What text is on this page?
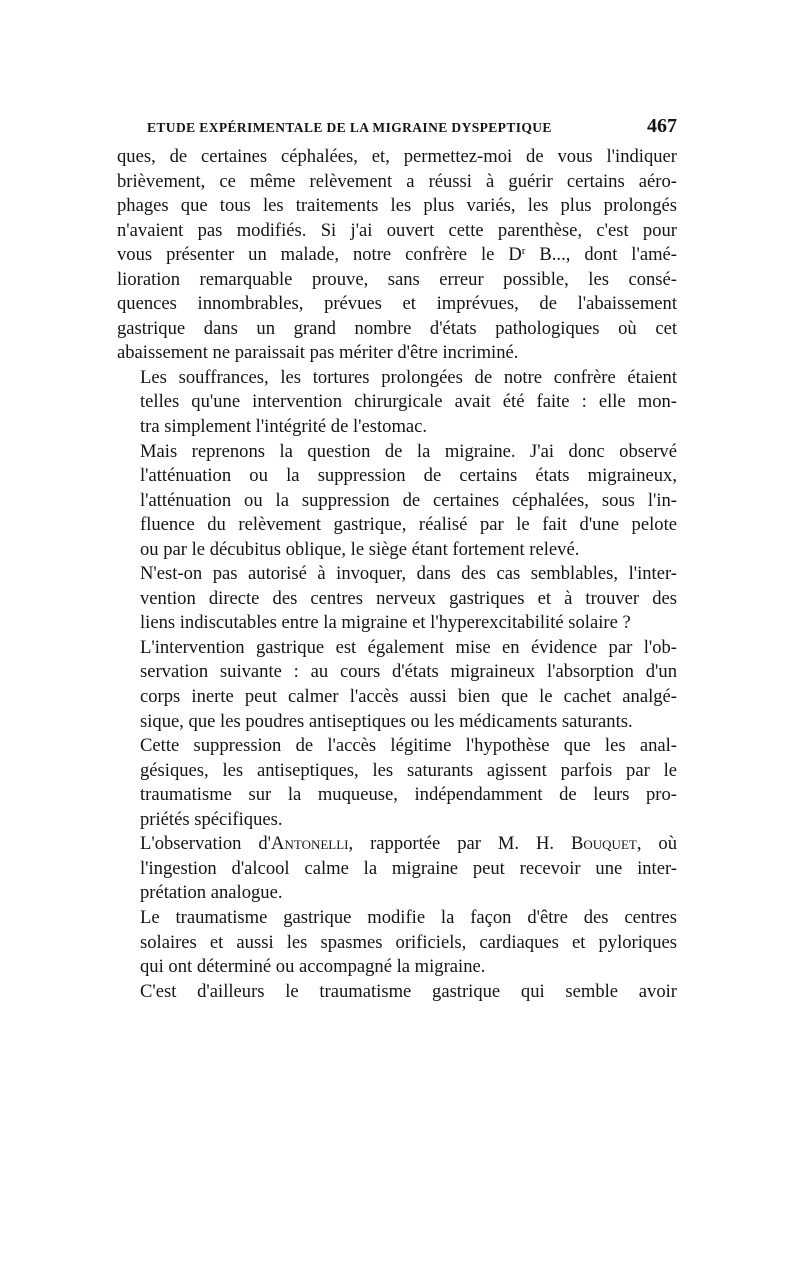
ETUDE EXPÉRIMENTALE DE LA MIGRAINE DYSPEPTIQUE	467

ques, de certaines céphalées, et, permettez-moi de vous l'indiquer
brièvement, ce même relèvement a réussi à guérir certains aéro-
phages que tous les traitements les plus variés, les plus prolongés
n'avaient pas modifiés. Si j'ai ouvert cette parenthèse, c'est pour
vous présenter un malade, notre confrère le $D^r$ B..., dont l'amé-
lioration remarquable prouve, sans erreur possible, les consé-
quences innombrables, prévues et imprévues, de l'abaissement
gastrique dans un grand nombre d'états pathologiques où cet
abaissement ne paraissait pas mériter d'être incriminé.

Les souffrances, les tortures prolongées de notre confrère étaient
telles qu'une intervention chirurgicale avait été faite : elle mon-
tra simplement l'intégrité de l'estomac.

Mais reprenons la question de la migraine. J'ai donc observé
l'atténuation ou la suppression de certains états migraineux,
l'atténuation ou la suppression de certaines céphalées, sous l'in-
fluence du relèvement gastrique, réalisé par le fait d'une pelote
ou par le décubitus oblique, le siège étant fortement relevé.

N'est-on pas autorisé à invoquer, dans des cas semblables, l'inter-
vention directe des centres nerveux gastriques et à trouver des
liens indiscutables entre la migraine et l'hyperexcitabilité solaire ?

L'intervention gastrique est également mise en évidence par l'ob-
servation suivante : au cours d'états migraineux l'absorption d'un
corps inerte peut calmer l'accès aussi bien que le cachet analgé-
sique, que les poudres antiseptiques ou les médicaments saturants.

Cette suppression de l'accès légitime l'hypothèse que les anal-
gésiques, les antiseptiques, les saturants agissent parfois par le
traumatisme sur la muqueuse, indépendamment de leurs pro-
priétés spécifiques.

L'observation d'Antonelli, rapportée par M. H. Bouquet, où
l'ingestion d'alcool calme la migraine peut recevoir une inter-
prétation analogue.

Le traumatisme gastrique modifie la façon d'être des centres
solaires et aussi les spasmes orificiels, cardiaques et pyloriques
qui ont déterminé ou accompagné la migraine.

C'est d'ailleurs le traumatisme gastrique qui semble avoir
